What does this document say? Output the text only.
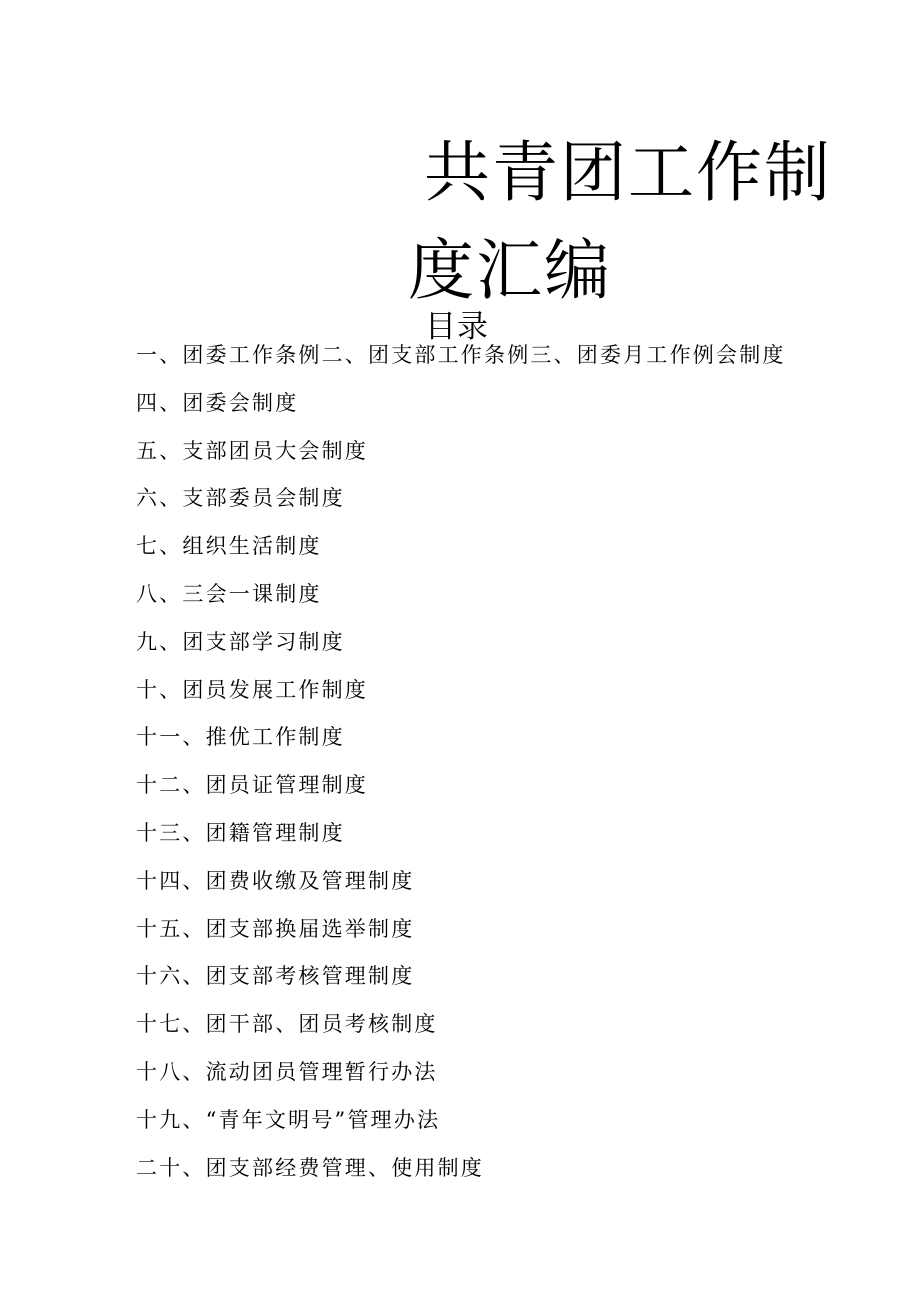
共青团工作制
度汇编
目录
一、团委工作条例二、团支部工作条例三、团委月工作例会制度
四、团委会制度
五、支部团员大会制度
六、支部委员会制度
七、组织生活制度
八、三会一课制度
九、团支部学习制度
十、团员发展工作制度
十一、推优工作制度
十二、团员证管理制度
十三、团籍管理制度
十四、团费收缴及管理制度
十五、团支部换届选举制度
十六、团支部考核管理制度
十七、团干部、团员考核制度
十八、流动团员管理暂行办法
十九、“青年文明号”管理办法
二十、团支部经费管理、使用制度
